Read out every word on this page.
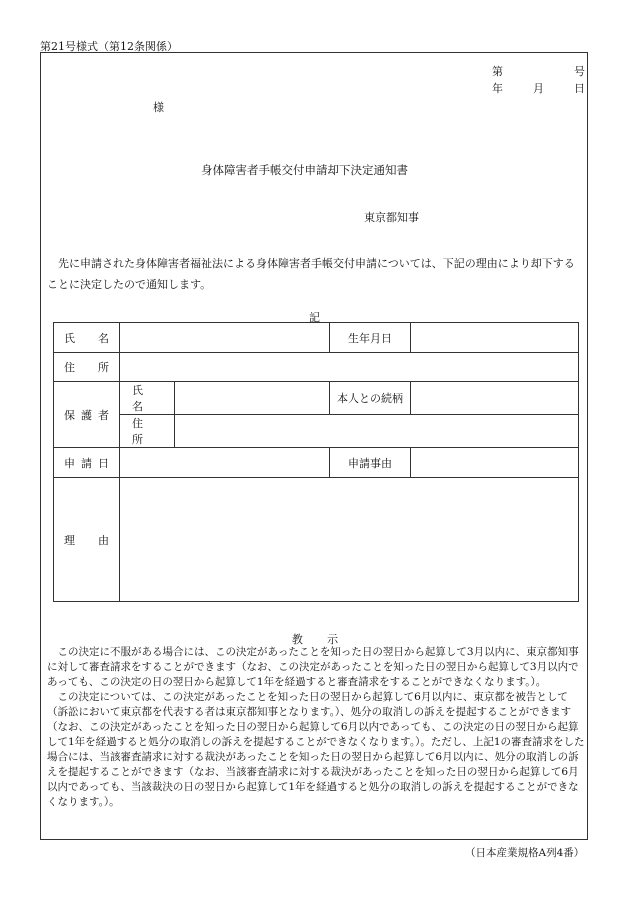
第21号様式（第12条関係）
第	号
年	月	日
様
身体障害者手帳交付申請却下決定通知書
東京都知事

先に申請された身体障害者福祉法による身体障害者手帳交付申請については、下記の理由により却下することに決定したので通知します。

記
氏　名			生年月日	
住　所				
保護者	氏　名		本人との続柄	
	住　所			
申請日			申請事由	
理　由				
教示

この決定に不服がある場合には、この決定があったことを知った日の翌日から起算して3月以内に、東京都知事に対して審査請求をすることができます（なお、この決定があったことを知った日の翌日から起算して3月以内であっても、この決定の日の翌日から起算して1年を経過すると審査請求をすることができなくなります。）。

この決定については、この決定があったことを知った日の翌日から起算して6月以内に、東京都を被告として（訴訟において東京都を代表する者は東京都知事となります。）、処分の取消しの訴えを提起することができます（なお、この決定があったことを知った日の翌日から起算して6月以内であっても、この決定の日の翌日から起算して1年を経過すると処分の取消しの訴えを提起することができなくなります。）。ただし、上記1の審査請求をした場合には、当該審査請求に対する裁決があったことを知った日の翌日から起算して6月以内に、処分の取消しの訴えを提起することができます（なお、当該審査請求に対する裁決があったことを知った日の翌日から起算して6月以内であっても、当該裁決の日の翌日から起算して1年を経過すると処分の取消しの訴えを提起することができなくなります。）。

（日本産業規格A列4番）
